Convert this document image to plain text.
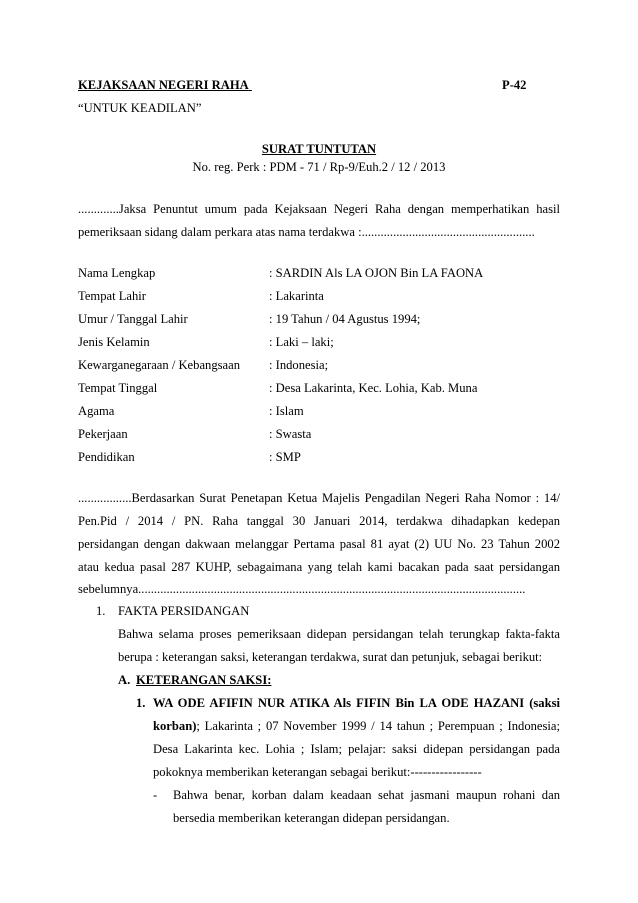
KEJAKSAAN NEGERI RAHA	P-42
“UNTUK KEADILAN”
SURAT TUNTUTAN
No. reg. Perk : PDM - 71 / Rp-9/Euh.2 / 12 / 2013
.............Jaksa Penuntut umum pada Kejaksaan Negeri Raha dengan memperhatikan hasil
pemeriksaan sidang dalam perkara atas nama terdakwa :.......................................................
Nama Lengkap	: SARDIN Als LA OJON Bin LA FAONA
Tempat Lahir	: Lakarinta
Umur / Tanggal Lahir	: 19 Tahun / 04 Agustus 1994;
Jenis Kelamin	: Laki – laki;
Kewarganegaraan / Kebangsaan : Indonesia;
Tempat Tinggal	: Desa Lakarinta, Kec. Lohia, Kab. Muna
Agama	: Islam
Pekerjaan	: Swasta
Pendidikan	: SMP
.................Berdasarkan Surat Penetapan Ketua Majelis Pengadilan Negeri Raha Nomor : 14/
Pen.Pid / 2014 / PN. Raha tanggal 30 Januari 2014, terdakwa dihadapkan kedepan
persidangan dengan dakwaan melanggar Pertama pasal 81 ayat (2) UU No. 23 Tahun 2002
atau kedua pasal 287 KUHP, sebagaimana yang telah kami bacakan pada saat persidangan
sebelumnya...........................................................................................................................
1. FAKTA PERSIDANGAN
Bahwa selama proses pemeriksaan didepan persidangan telah terungkap fakta-fakta
berupa : keterangan saksi, keterangan terdakwa, surat dan petunjuk, sebagai berikut:
A. KETERANGAN SAKSI:
1. WA ODE AFIFIN NUR ATIKA Als FIFIN Bin LA ODE HAZANI (saksi
korban) ; Lakarinta ; 07 November 1999 / 14 tahun ; Perempuan ; Indonesia;
Desa Lakarinta kec. Lohia ; Islam; pelajar: saksi didepan persidangan pada
pokoknya memberikan keterangan sebagai berikut:-----------------
- Bahwa benar, korban dalam keadaan sehat jasmani maupun rohani dan
bersedia memberikan keterangan didepan persidangan.
